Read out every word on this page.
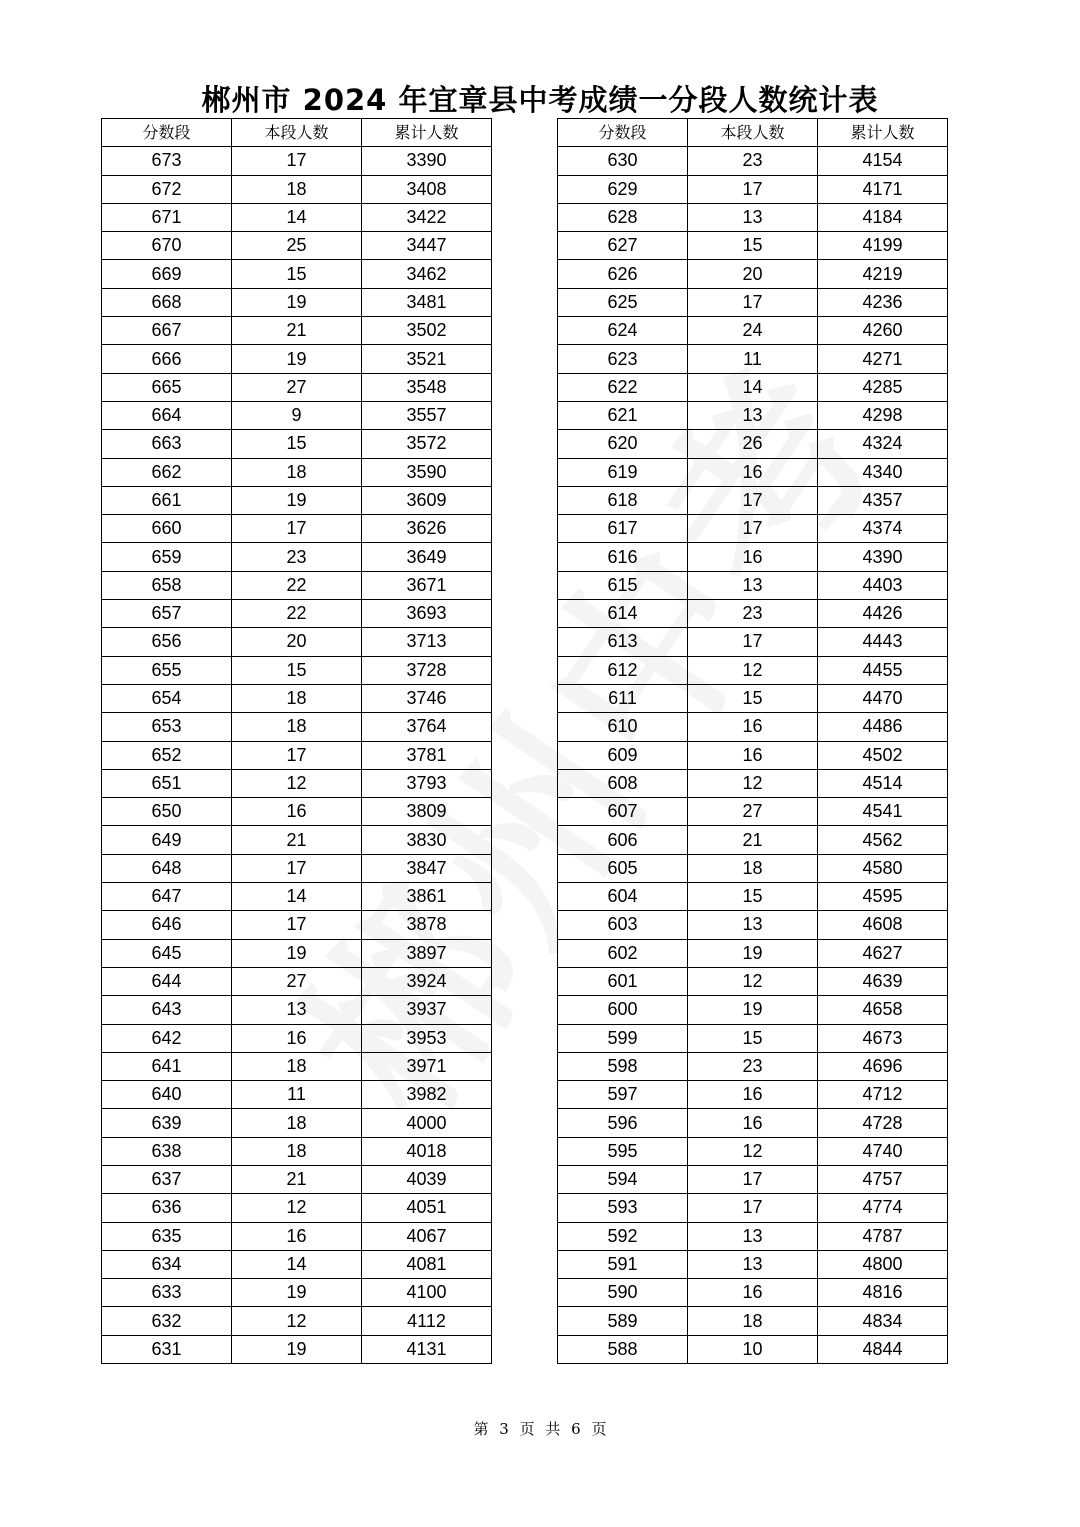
郴州市 2024 年宜章县中考成绩一分段人数统计表
分数段	本段人数	累计人数
673	17	3390
672	18	3408
671	14	3422
670	25	3447
669	15	3462
668	19	3481
667	21	3502
666	19	3521
665	27	3548
664	9	3557
663	15	3572
662	18	3590
661	19	3609
660	17	3626
659	23	3649
658	22	3671
657	22	3693
656	20	3713
655	15	3728
654	18	3746
653	18	3764
652	17	3781
651	12	3793
650	16	3809
649	21	3830
648	17	3847
647	14	3861
646	17	3878
645	19	3897
644	27	3924
643	13	3937
642	16	3953
641	18	3971
640	11	3982
639	18	4000
638	18	4018
637	21	4039
636	12	4051
635	16	4067
634	14	4081
633	19	4100
632	12	4112
631	19	4131
分数段	本段人数	累计人数
630	23	4154
629	17	4171
628	13	4184
627	15	4199
626	20	4219
625	17	4236
624	24	4260
623	11	4271
622	14	4285
621	13	4298
620	26	4324
619	16	4340
618	17	4357
617	17	4374
616	16	4390
615	13	4403
614	23	4426
613	17	4443
612	12	4455
611	15	4470
610	16	4486
609	16	4502
608	12	4514
607	27	4541
606	21	4562
605	18	4580
604	15	4595
603	13	4608
602	19	4627
601	12	4639
600	19	4658
599	15	4673
598	23	4696
597	16	4712
596	16	4728
595	12	4740
594	17	4757
593	17	4774
592	13	4787
591	13	4800
590	16	4816
589	18	4834
588	10	4844
第 3 页 共 6 页
